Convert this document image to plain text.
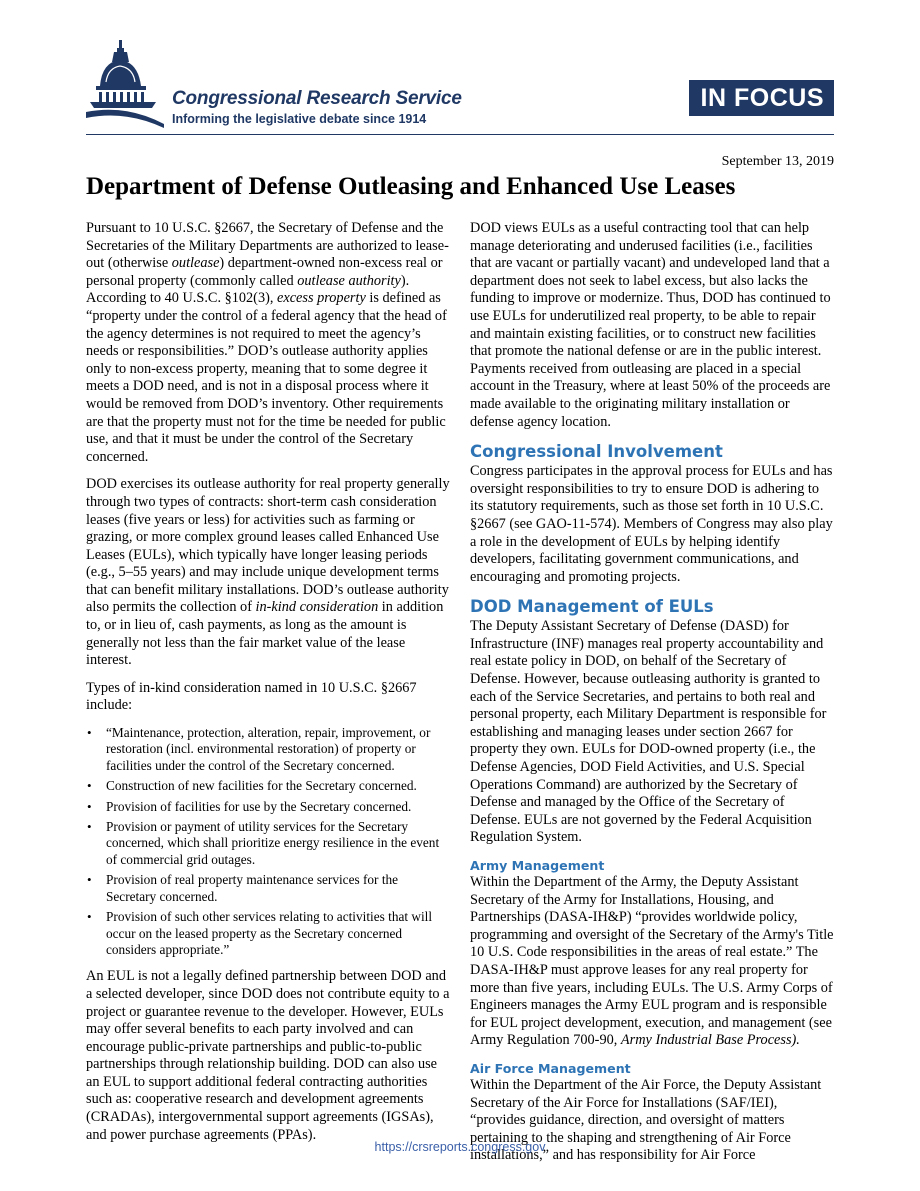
Congressional Research Service
Informing the legislative debate since 1914
IN FOCUS
September 13, 2019
Department of Defense Outleasing and Enhanced Use Leases

Pursuant to 10 U.S.C. §2667, the Secretary of Defense and the Secretaries of the Military Departments are authorized to lease-out (otherwise outlease) department-owned non-excess real or personal property (commonly called outlease authority). According to 40 U.S.C. §102(3), excess property is defined as “property under the control of a federal agency that the head of the agency determines is not required to meet the agency’s needs or responsibilities.” DOD’s outlease authority applies only to non-excess property, meaning that to some degree it meets a DOD need, and is not in a disposal process where it would be removed from DOD’s inventory. Other requirements are that the property must not for the time be needed for public use, and that it must be under the control of the Secretary concerned.

DOD exercises its outlease authority for real property generally through two types of contracts: short-term cash consideration leases (five years or less) for activities such as farming or grazing, or more complex ground leases called Enhanced Use Leases (EULs), which typically have longer leasing periods (e.g., 5–55 years) and may include unique development terms that can benefit military installations. DOD’s outlease authority also permits the collection of in-kind consideration in addition to, or in lieu of, cash payments, as long as the amount is generally not less than the fair market value of the lease interest.

Types of in-kind consideration named in 10 U.S.C. §2667 include:

• “Maintenance, protection, alteration, repair, improvement, or restoration (incl. environmental restoration) of property or facilities under the control of the Secretary concerned.
• Construction of new facilities for the Secretary concerned.
• Provision of facilities for use by the Secretary concerned.
• Provision or payment of utility services for the Secretary concerned, which shall prioritize energy resilience in the event of commercial grid outages.
• Provision of real property maintenance services for the Secretary concerned.
• Provision of such other services relating to activities that will occur on the leased property as the Secretary concerned considers appropriate.”

An EUL is not a legally defined partnership between DOD and a selected developer, since DOD does not contribute equity to a project or guarantee revenue to the developer. However, EULs may offer several benefits to each party involved and can encourage public-private partnerships and public-to-public partnerships through relationship building. DOD can also use an EUL to support additional federal contracting authorities such as: cooperative research and development agreements (CRADAs), intergovernmental support agreements (IGSAs), and power purchase agreements (PPAs).

DOD views EULs as a useful contracting tool that can help manage deteriorating and underused facilities (i.e., facilities that are vacant or partially vacant) and undeveloped land that a department does not seek to label excess, but also lacks the funding to improve or modernize. Thus, DOD has continued to use EULs for underutilized real property, to be able to repair and maintain existing facilities, or to construct new facilities that promote the national defense or are in the public interest. Payments received from outleasing are placed in a special account in the Treasury, where at least 50% of the proceeds are made available to the originating military installation or defense agency location.

Congressional Involvement

Congress participates in the approval process for EULs and has oversight responsibilities to try to ensure DOD is adhering to its statutory requirements, such as those set forth in 10 U.S.C. §2667 (see GAO-11-574). Members of Congress may also play a role in the development of EULs by helping identify developers, facilitating government communications, and encouraging and promoting projects.

DOD Management of EULs

The Deputy Assistant Secretary of Defense (DASD) for Infrastructure (INF) manages real property accountability and real estate policy in DOD, on behalf of the Secretary of Defense. However, because outleasing authority is granted to each of the Service Secretaries, and pertains to both real and personal property, each Military Department is responsible for establishing and managing leases under section 2667 for property they own. EULs for DOD-owned property (i.e., the Defense Agencies, DOD Field Activities, and U.S. Special Operations Command) are authorized by the Secretary of Defense and managed by the Office of the Secretary of Defense. EULs are not governed by the Federal Acquisition Regulation System.

Army Management

Within the Department of the Army, the Deputy Assistant Secretary of the Army for Installations, Housing, and Partnerships (DASA-IH&P) “provides worldwide policy, programming and oversight of the Secretary of the Army's Title 10 U.S. Code responsibilities in the areas of real estate.” The DASA-IH&P must approve leases for any real property for more than five years, including EULs. The U.S. Army Corps of Engineers manages the Army EUL program and is responsible for EUL project development, execution, and management (see Army Regulation 700-90, Army Industrial Base Process).

Air Force Management

Within the Department of the Air Force, the Deputy Assistant Secretary of the Air Force for Installations (SAF/IEI), “provides guidance, direction, and oversight of matters pertaining to the shaping and strengthening of Air Force installations,” and has responsibility for Air Force

https://crsreports.congress.gov
